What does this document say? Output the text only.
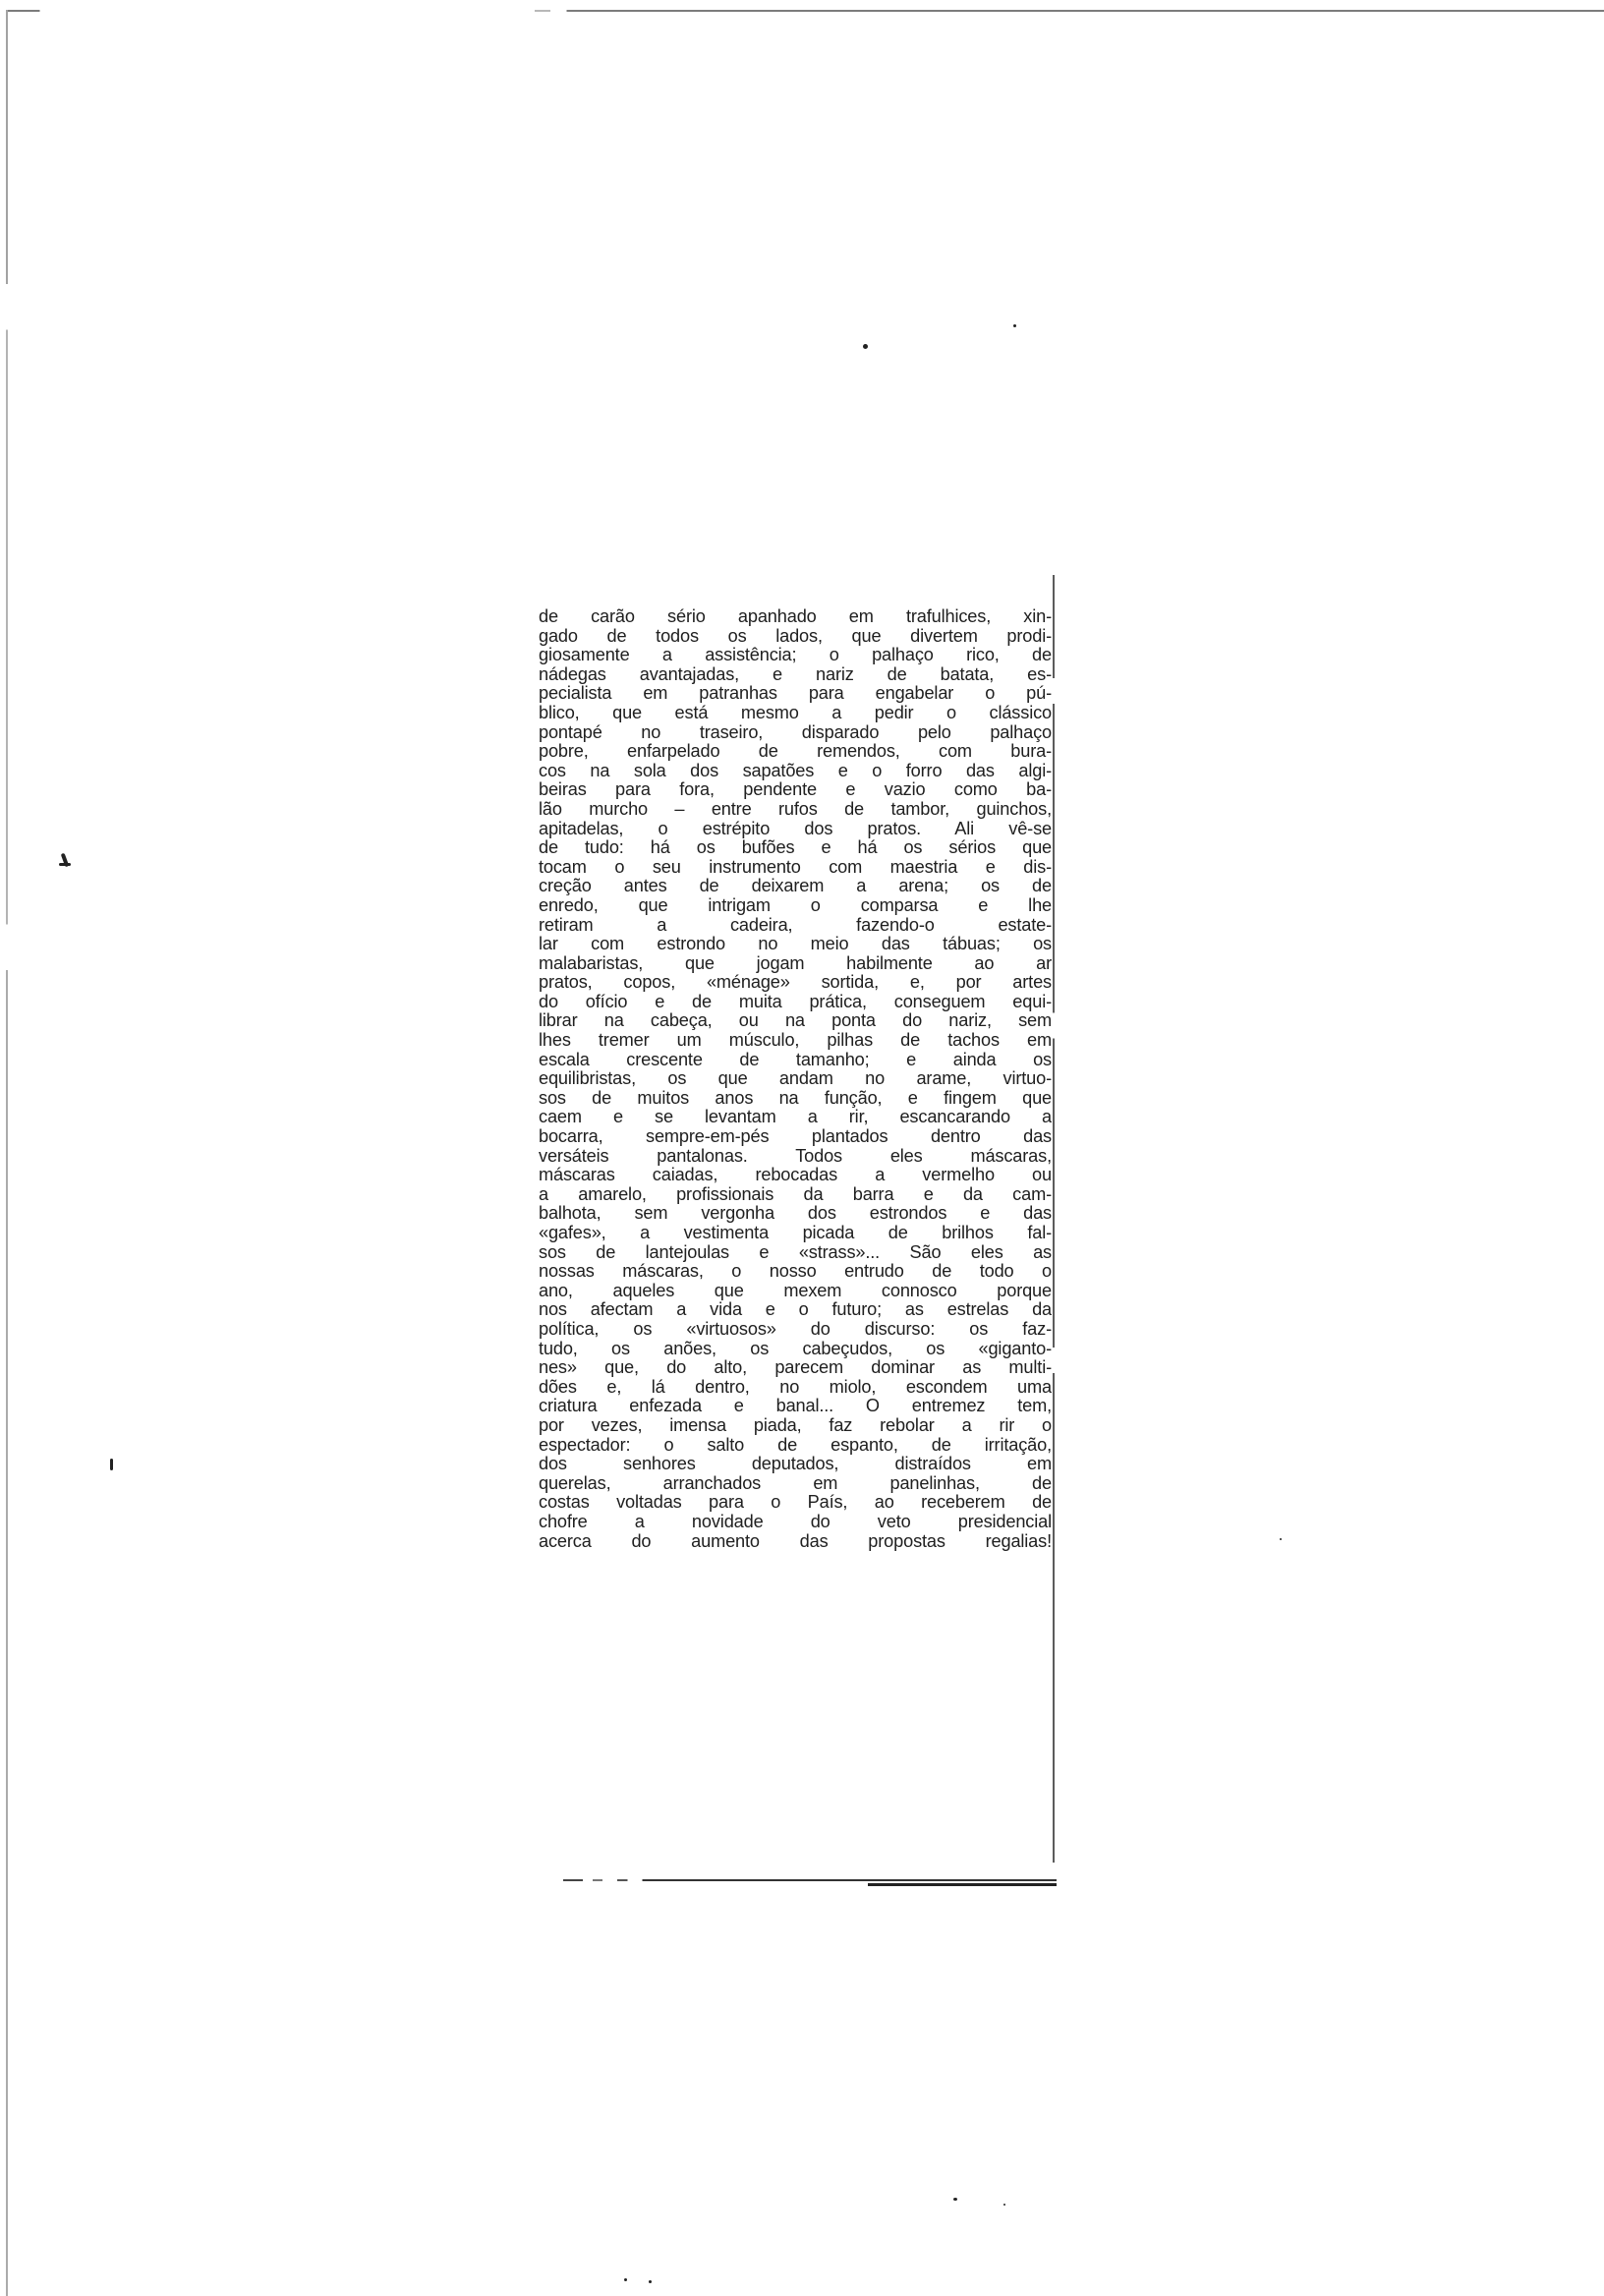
de carão sério apanhado em trafulhices, xin-
gado de todos os lados, que divertem prodi-
giosamente a assistência; o palhaço rico, de
nádegas avantajadas, e nariz de batata, es-
pecialista em patranhas para engabelar o pú-
blico, que está mesmo a pedir o clássico
pontapé no traseiro, disparado pelo palhaço
pobre, enfarpelado de remendos, com bura-
cos na sola dos sapatões e o forro das algi-
beiras para fora, pendente e vazio como ba-
lão murcho – entre rufos de tambor, guinchos,
apitadelas, o estrépito dos pratos. Ali vê-se
de tudo: há os bufões e há os sérios que
tocam o seu instrumento com maestria e dis-
creção antes de deixarem a arena; os de
enredo, que intrigam o comparsa e lhe
retiram a cadeira, fazendo-o estate-
lar com estrondo no meio das tábuas; os
malabaristas, que jogam habilmente ao ar
pratos, copos, «ménage» sortida, e, por artes
do ofício e de muita prática, conseguem equi-
librar na cabeça, ou na ponta do nariz, sem
lhes tremer um músculo, pilhas de tachos em
escala crescente de tamanho; e ainda os
equilibristas, os que andam no arame, virtuo-
sos de muitos anos na função, e fingem que
caem e se levantam a rir, escancarando a
bocarra, sempre-em-pés plantados dentro das
versáteis pantalonas. Todos eles máscaras,
máscaras caiadas, rebocadas a vermelho ou
a amarelo, profissionais da barra e da cam-
balhota, sem vergonha dos estrondos e das
«gafes», a vestimenta picada de brilhos fal-
sos de lantejoulas e «strass»... São eles as
nossas máscaras, o nosso entrudo de todo o
ano, aqueles que mexem connosco porque
nos afectam a vida e o futuro; as estrelas da
política, os «virtuosos» do discurso: os faz-
tudo, os anões, os cabeçudos, os «giganto-
nes» que, do alto, parecem dominar as multi-
dões e, lá dentro, no miolo, escondem uma
criatura enfezada e banal... O entremez tem,
por vezes, imensa piada, faz rebolar a rir o
espectador: o salto de espanto, de irritação,
dos senhores deputados, distraídos em
querelas, arranchados em panelinhas, de
costas voltadas para o País, ao receberem de
chofre a novidade do veto presidencial
acerca do aumento das propostas regalias!
